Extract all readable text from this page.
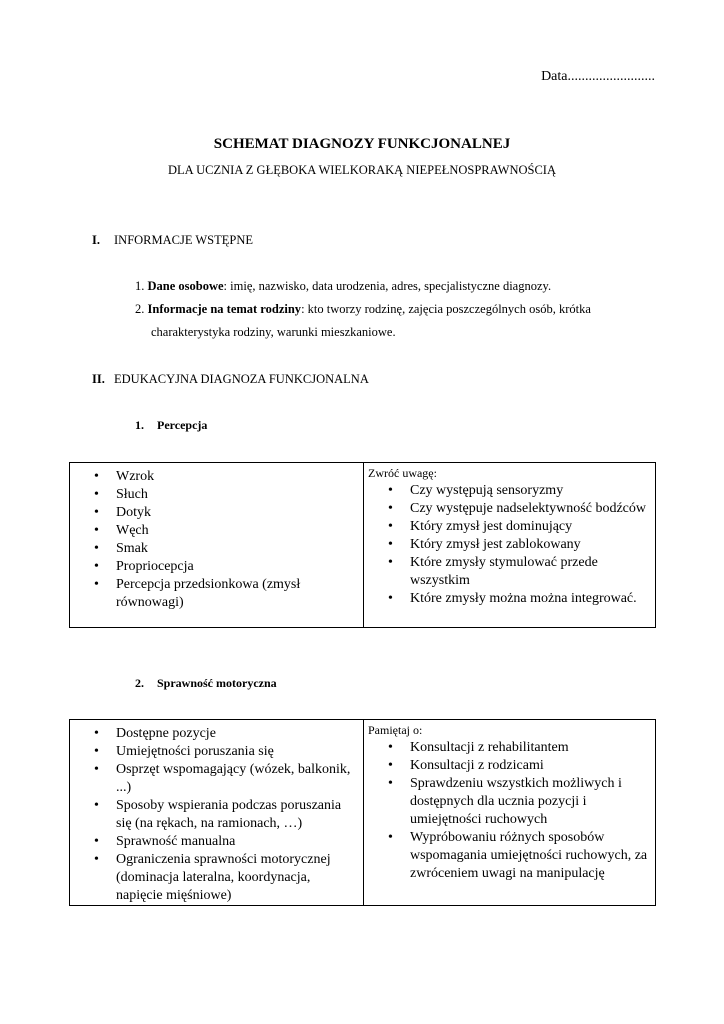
Data.........................
SCHEMAT DIAGNOZY FUNKCJONALNEJ
DLA UCZNIA Z GŁĘBOKA WIELKORAKĄ NIEPEŁNOSPRAWNOŚCIĄ
I. INFORMACJE WSTĘPNE
1. Dane osobowe: imię, nazwisko, data urodzenia, adres, specjalistyczne diagnozy.
2. Informacje na temat rodziny: kto tworzy rodzinę, zajęcia poszczególnych osób, krótka
charakterystyka rodziny, warunki mieszkaniowe.
II. EDUKACYJNA DIAGNOZA FUNKCJONALNA
1. Percepcja
• Wzrok
• Słuch
• Dotyk
• Węch
• Smak
• Propriocepcja
• Percepcja przedsionkowa (zmysł równowagi)

Zwróć uwagę:
• Czy występują sensoryzmy
• Czy występuje nadselektywność bodźców
• Który zmysł jest dominujący
• Który zmysł jest zablokowany
• Które zmysły stymulować przede wszystkim
• Które zmysły można można integrować.
2. Sprawność motoryczna
• Dostępne pozycje
• Umiejętności poruszania się
• Osprzęt wspomagający (wózek, balkonik, ...)
• Sposoby wspierania podczas poruszania się (na rękach, na ramionach, …)
• Sprawność manualna
• Ograniczenia sprawności motorycznej (dominacja lateralna, koordynacja, napięcie mięśniowe)

Pamiętaj o:
• Konsultacji z rehabilitantem
• Konsultacji z rodzicami
• Sprawdzeniu wszystkich możliwych i dostępnych dla ucznia pozycji i umiejętności ruchowych
• Wypróbowaniu różnych sposobów wspomagania umiejętności ruchowych, za zwróceniem uwagi na manipulację
